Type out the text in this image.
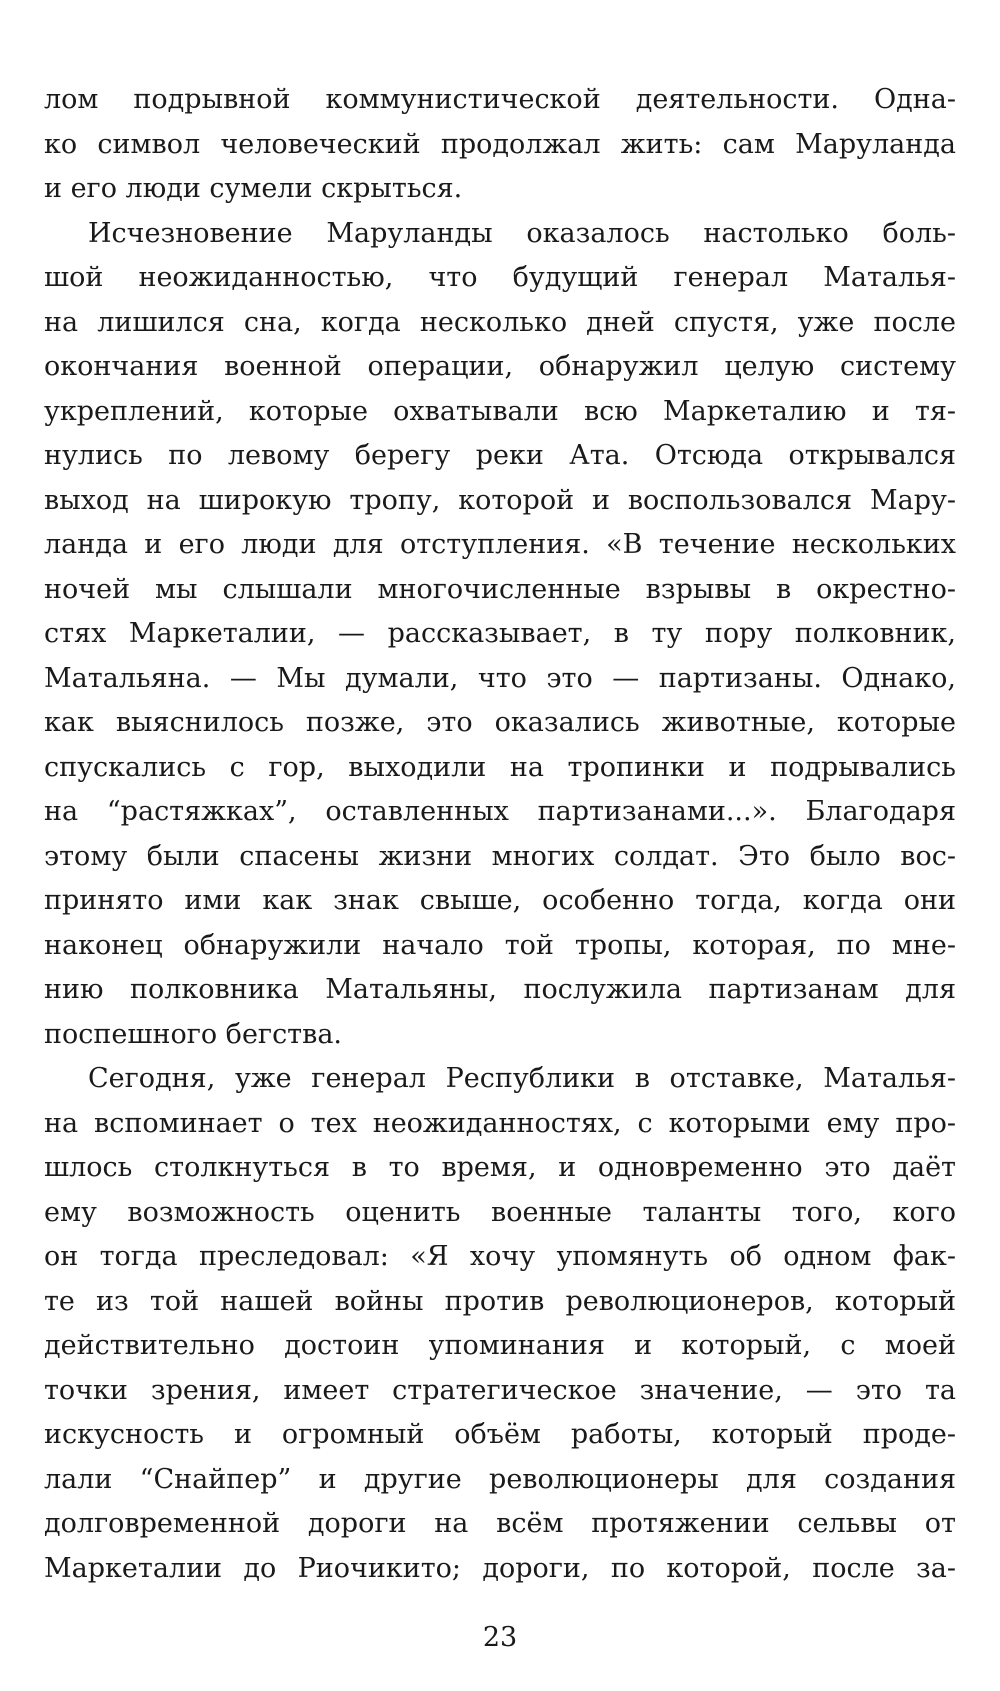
лом подрывной коммунистической деятельности. Одна-
ко символ человеческий продолжал жить: сам Маруланда
и его люди сумели скрыться.
Исчезновение Маруланды оказалось настолько боль-
шой неожиданностью, что будущий генерал Маталья-
на лишился сна, когда несколько дней спустя, уже после
окончания военной операции, обнаружил целую систему
укреплений, которые охватывали всю Маркеталию и тя-
нулись по левому берегу реки Ата. Отсюда открывался
выход на широкую тропу, которой и воспользовался Мару-
ланда и его люди для отступления. «В течение нескольких
ночей мы слышали многочисленные взрывы в окрестно-
стях Маркеталии, — рассказывает, в ту пору полковник,
Матальяна. — Мы думали, что это — партизаны. Однако,
как выяснилось позже, это оказались животные, которые
спускались с гор, выходили на тропинки и подрывались
на “растяжках”, оставленных партизанами...». Благодаря
этому были спасены жизни многих солдат. Это было вос-
принято ими как знак свыше, особенно тогда, когда они
наконец обнаружили начало той тропы, которая, по мне-
нию полковника Матальяны, послужила партизанам для
поспешного бегства.
Сегодня, уже генерал Республики в отставке, Маталья-
на вспоминает о тех неожиданностях, с которыми ему про-
шлось столкнуться в то время, и одновременно это даёт
ему возможность оценить военные таланты того, кого
он тогда преследовал: «Я хочу упомянуть об одном фак-
те из той нашей войны против революционеров, который
действительно достоин упоминания и который, с моей
точки зрения, имеет стратегическое значение, — это та
искусность и огромный объём работы, который проде-
лали “Снайпер” и другие революционеры для создания
долговременной дороги на всём протяжении сельвы от
Маркеталии до Риочикито; дороги, по которой, после за-
23
